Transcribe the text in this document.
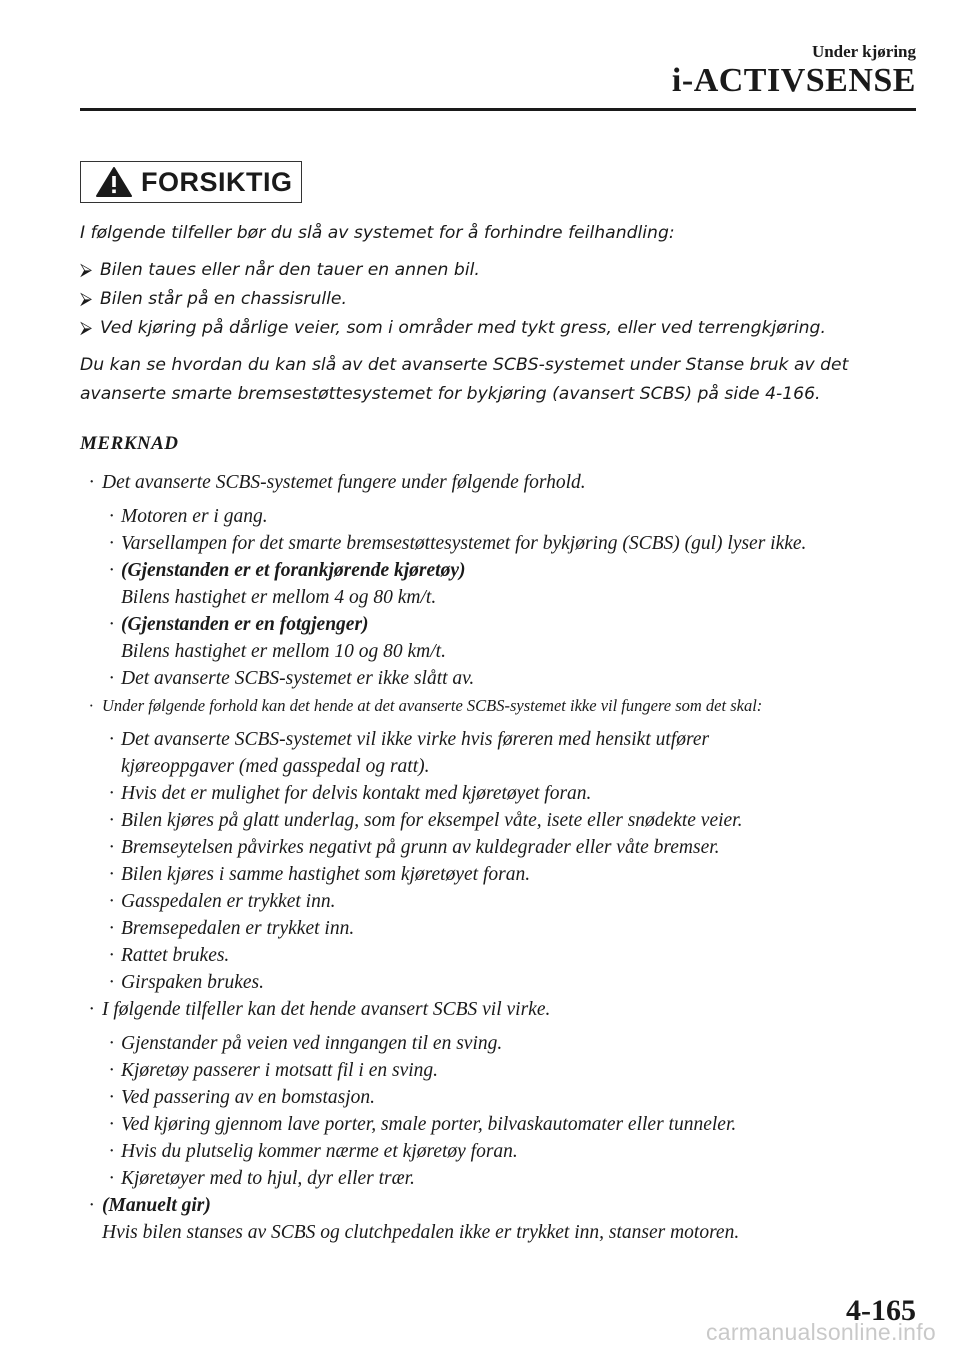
Under kjøring
i-ACTIVSENSE
FORSIKTIG

I følgende tilfeller bør du slå av systemet for å forhindre feilhandling:

⮚ Bilen taues eller når den tauer en annen bil.
⮚ Bilen står på en chassisrulle.
⮚ Ved kjøring på dårlige veier, som i områder med tykt gress, eller ved terrengkjøring.

Du kan se hvordan du kan slå av det avanserte SCBS-systemet under Stanse bruk av det avanserte smarte bremsestøttesystemet for bykjøring (avansert SCBS) på side 4-166.

MERKNAD

· Det avanserte SCBS-systemet fungere under følgende forhold.
· Motoren er i gang.
· Varsellampen for det smarte bremsestøttesystemet for bykjøring (SCBS) (gul) lyser ikke.
· (Gjenstanden er et forankjørende kjøretøy)
Bilens hastighet er mellom 4 og 80 km/t.
· (Gjenstanden er en fotgjenger)
Bilens hastighet er mellom 10 og 80 km/t.
· Det avanserte SCBS-systemet er ikke slått av.
· Under følgende forhold kan det hende at det avanserte SCBS-systemet ikke vil fungere som det skal:
· Det avanserte SCBS-systemet vil ikke virke hvis føreren med hensikt utfører
kjøreoppgaver (med gasspedal og ratt).
· Hvis det er mulighet for delvis kontakt med kjøretøyet foran.
· Bilen kjøres på glatt underlag, som for eksempel våte, isete eller snødekte veier.
· Bremseytelsen påvirkes negativt på grunn av kuldegrader eller våte bremser.
· Bilen kjøres i samme hastighet som kjøretøyet foran.
· Gasspedalen er trykket inn.
· Bremsepedalen er trykket inn.
· Rattet brukes.
· Girspaken brukes.
· I følgende tilfeller kan det hende avansert SCBS vil virke.
· Gjenstander på veien ved inngangen til en sving.
· Kjøretøy passerer i motsatt fil i en sving.
· Ved passering av en bomstasjon.
· Ved kjøring gjennom lave porter, smale porter, bilvaskautomater eller tunneler.
· Hvis du plutselig kommer nærme et kjøretøy foran.
· Kjøretøyer med to hjul, dyr eller trær.
· (Manuelt gir)
Hvis bilen stanses av SCBS og clutchpedalen ikke er trykket inn, stanser motoren.
4-165
carmanualsonline.info
